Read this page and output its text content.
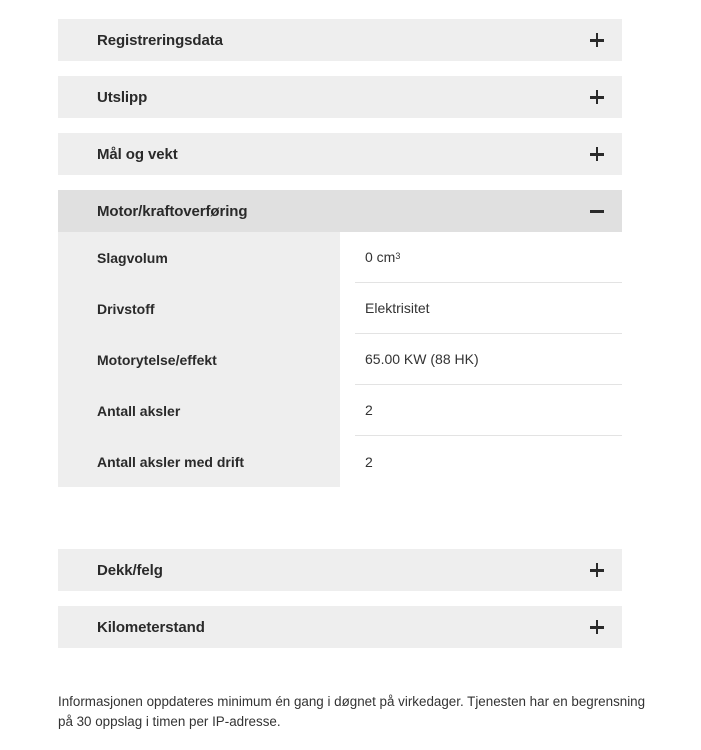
Registreringsdata
Utslipp
Mål og vekt
Motor/kraftoverføring
Slagvolum
Drivstoff
Motorytelse/effekt
Antall aksler
Antall aksler med drift
0 $cm^3$
Elektrisitet
65.00 KW (88 HK)
2
2
Dekk/felg
Kilometerstand
Informasjonen oppdateres minimum én gang i døgnet på virkedager. Tjenesten har en begrensning på 30 oppslag i timen per IP-adresse.
